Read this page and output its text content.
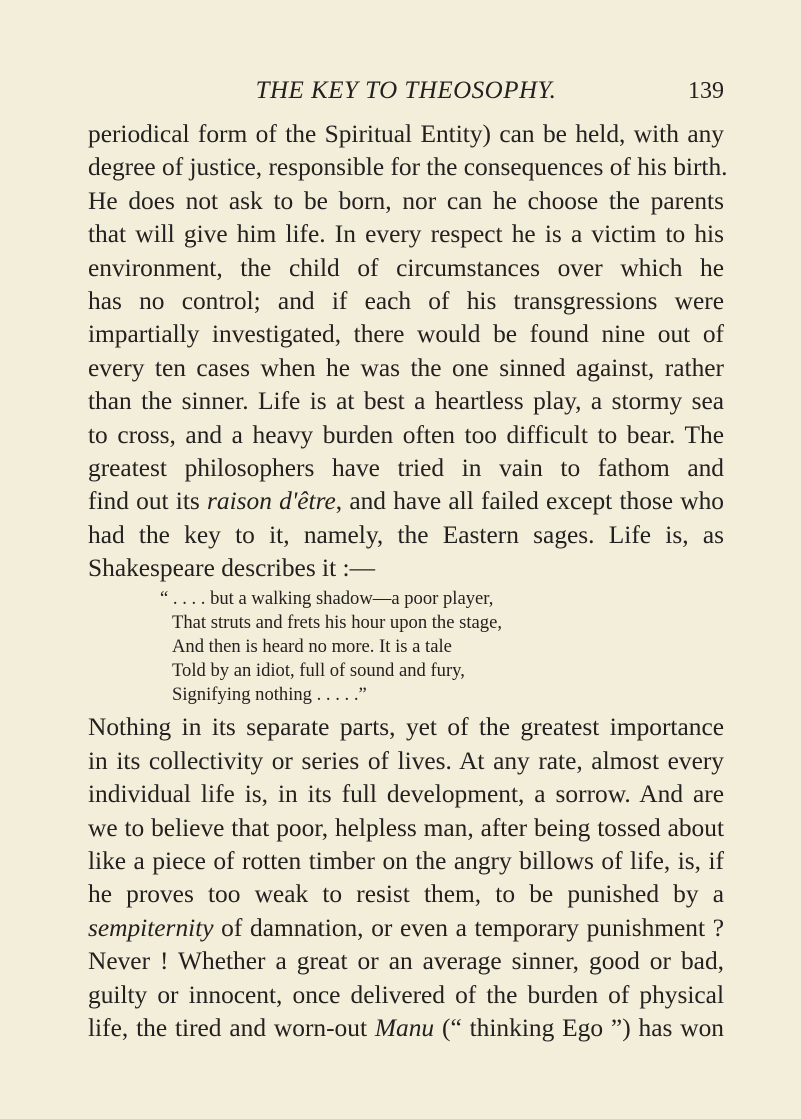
THE KEY TO THEOSOPHY.	139
periodical form of the Spiritual Entity) can be held, with any
degree of justice, responsible for the consequences of his birth.
He does not ask to be born, nor can he choose the parents
that will give him life. In every respect he is a victim to his
environment, the child of circumstances over which he
has no control; and if each of his transgressions were
impartially investigated, there would be found nine out of
every ten cases when he was the one sinned against, rather
than the sinner. Life is at best a heartless play, a stormy sea
to cross, and a heavy burden often too difficult to bear. The
greatest philosophers have tried in vain to fathom and
find out its raison d'être, and have all failed except those who
had the key to it, namely, the Eastern sages. Life is, as
Shakespeare describes it :—
“ . . . . but a walking shadow—a poor player,
That struts and frets his hour upon the stage,
And then is heard no more. It is a tale
Told by an idiot, full of sound and fury,
Signifying nothing . . . . .”
Nothing in its separate parts, yet of the greatest importance
in its collectivity or series of lives. At any rate, almost every
individual life is, in its full development, a sorrow. And are
we to believe that poor, helpless man, after being tossed about
like a piece of rotten timber on the angry billows of life, is, if
he proves too weak to resist them, to be punished by a
sempiternity of damnation, or even a temporary punishment ?
Never ! Whether a great or an average sinner, good or bad,
guilty or innocent, once delivered of the burden of physical
life, the tired and worn-out Manu (“ thinking Ego ”) has won
